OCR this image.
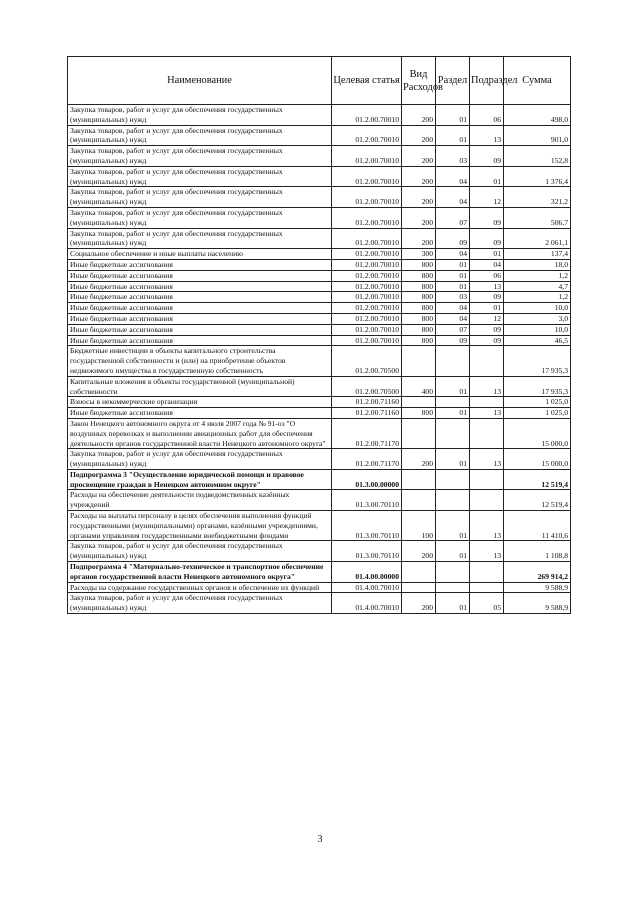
Наименование	Целевая статья	Вид Расходов	Раздел	Подраздел	Сумма
Закупка товаров, работ и услуг для обеспечения государственных (муниципальных) нужд	01.2.00.70010	200	01	06	498,0
Закупка товаров, работ и услуг для обеспечения государственных (муниципальных) нужд	01.2.00.70010	200	01	13	901,0
Закупка товаров, работ и услуг для обеспечения государственных (муниципальных) нужд	01.2.00.70010	200	03	09	152,8
Закупка товаров, работ и услуг для обеспечения государственных (муниципальных) нужд	01.2.00.70010	200	04	01	1 376,4
Закупка товаров, работ и услуг для обеспечения государственных (муниципальных) нужд	01.2.00.70010	200	04	12	321,2
Закупка товаров, работ и услуг для обеспечения государственных (муниципальных) нужд	01.2.00.70010	200	07	09	506,7
Закупка товаров, работ и услуг для обеспечения государственных (муниципальных) нужд	01.2.00.70010	200	09	09	2 061,1
Социальное обеспечение и иные выплаты населению	01.2.00.70010	300	04	01	137,4
Иные бюджетные ассигнования	01.2.00.70010	800	01	04	18,0
Иные бюджетные ассигнования	01.2.00.70010	800	01	06	1,2
Иные бюджетные ассигнования	01.2.00.70010	800	01	13	4,7
Иные бюджетные ассигнования	01.2.00.70010	800	03	09	1,2
Иные бюджетные ассигнования	01.2.00.70010	800	04	01	10,0
Иные бюджетные ассигнования	01.2.00.70010	800	04	12	3,0
Иные бюджетные ассигнования	01.2.00.70010	800	07	09	10,0
Иные бюджетные ассигнования	01.2.00.70010	800	09	09	46,5
Бюджетные инвестиции в объекты капитального строительства государственной собственности и (или) на приобретение объектов недвижимого имущества в государственную собственность	01.2.00.70500				17 935,3
Капитальные вложения в объекты государственной (муниципальной) собственности	01.2.00.70500	400	01	13	17 935,3
Взносы в некоммерческие организации	01.2.00.71160				1 025,0
Иные бюджетные ассигнования	01.2.00.71160	800	01	13	1 025,0
Закон Ненецкого автономного округа от 4 июля 2007 года № 91-оз "О воздушных перевозках и выполнении авиационных работ для обеспечения деятельности органов государственной власти Ненецкого автономного округа"	01.2.00.71170				15 000,0
Закупка товаров, работ и услуг для обеспечения государственных (муниципальных) нужд	01.2.00.71170	200	01	13	15 000,0
Подпрограмма 3 "Осуществление юридической помощи и правовое просвещение граждан в Ненецком автономном округе"	01.3.00.00000				12 519,4
Расходы на обеспечение деятельности подведомственных казённых учреждений	01.3.00.70110				12 519,4
Расходы на выплаты персоналу в целях обеспечения выполнения функций государственными (муниципальными) органами, казёнными учреждениями, органами управления государственными внебюджетными фондами	01.3.00.70110	100	01	13	11 410,6
Закупка товаров, работ и услуг для обеспечения государственных (муниципальных) нужд	01.3.00.70110	200	01	13	1 108,8
Подпрограмма 4 "Материально-техническое и транспортное обеспечение органов государственной власти Ненецкого автономного округа"	01.4.00.00000				269 914,2
Расходы на содержание государственных органов и обеспечение их функций	01.4.00.70010				9 588,9
Закупка товаров, работ и услуг для обеспечения государственных (муниципальных) нужд	01.4.00.70010	200	01	05	9 588,9
3
